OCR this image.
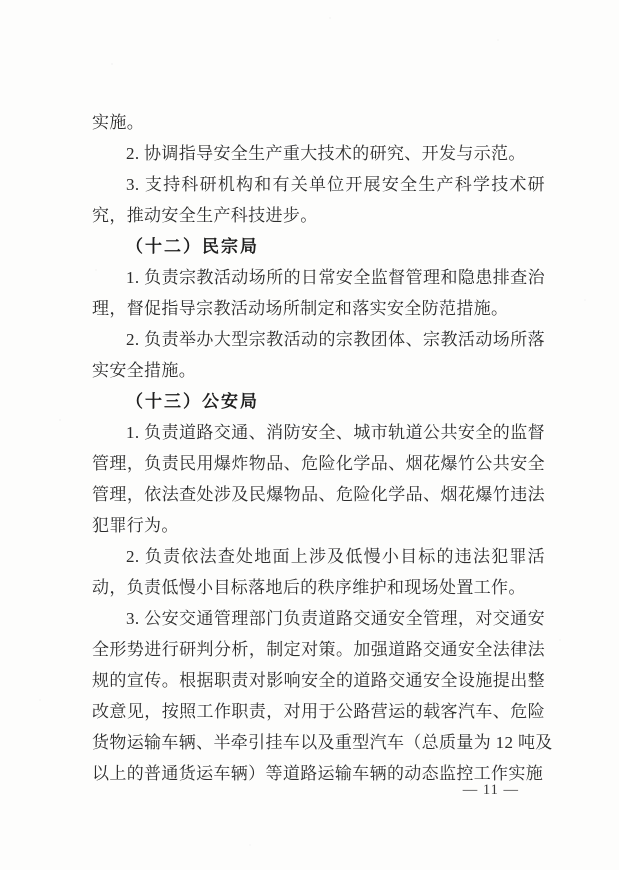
实施。
2. 协调指导安全生产重大技术的研究、开发与示范。
3. 支持科研机构和有关单位开展安全生产科学技术研
究，推动安全生产科技进步。
（十二）民宗局
1. 负责宗教活动场所的日常安全监督管理和隐患排查治
理，督促指导宗教活动场所制定和落实安全防范措施。
2. 负责举办大型宗教活动的宗教团体、宗教活动场所落
实安全措施。
（十三）公安局
1. 负责道路交通、消防安全、城市轨道公共安全的监督
管理，负责民用爆炸物品、危险化学品、烟花爆竹公共安全
管理，依法查处涉及民爆物品、危险化学品、烟花爆竹违法
犯罪行为。
2. 负责依法查处地面上涉及低慢小目标的违法犯罪活
动，负责低慢小目标落地后的秩序维护和现场处置工作。
3. 公安交通管理部门负责道路交通安全管理，对交通安
全形势进行研判分析，制定对策。加强道路交通安全法律法
规的宣传。根据职责对影响安全的道路交通安全设施提出整
改意见，按照工作职责，对用于公路营运的载客汽车、危险
货物运输车辆、半牵引挂车以及重型汽车（总质量为 12 吨及
以上的普通货运车辆）等道路运输车辆的动态监控工作实施
— 11 —
